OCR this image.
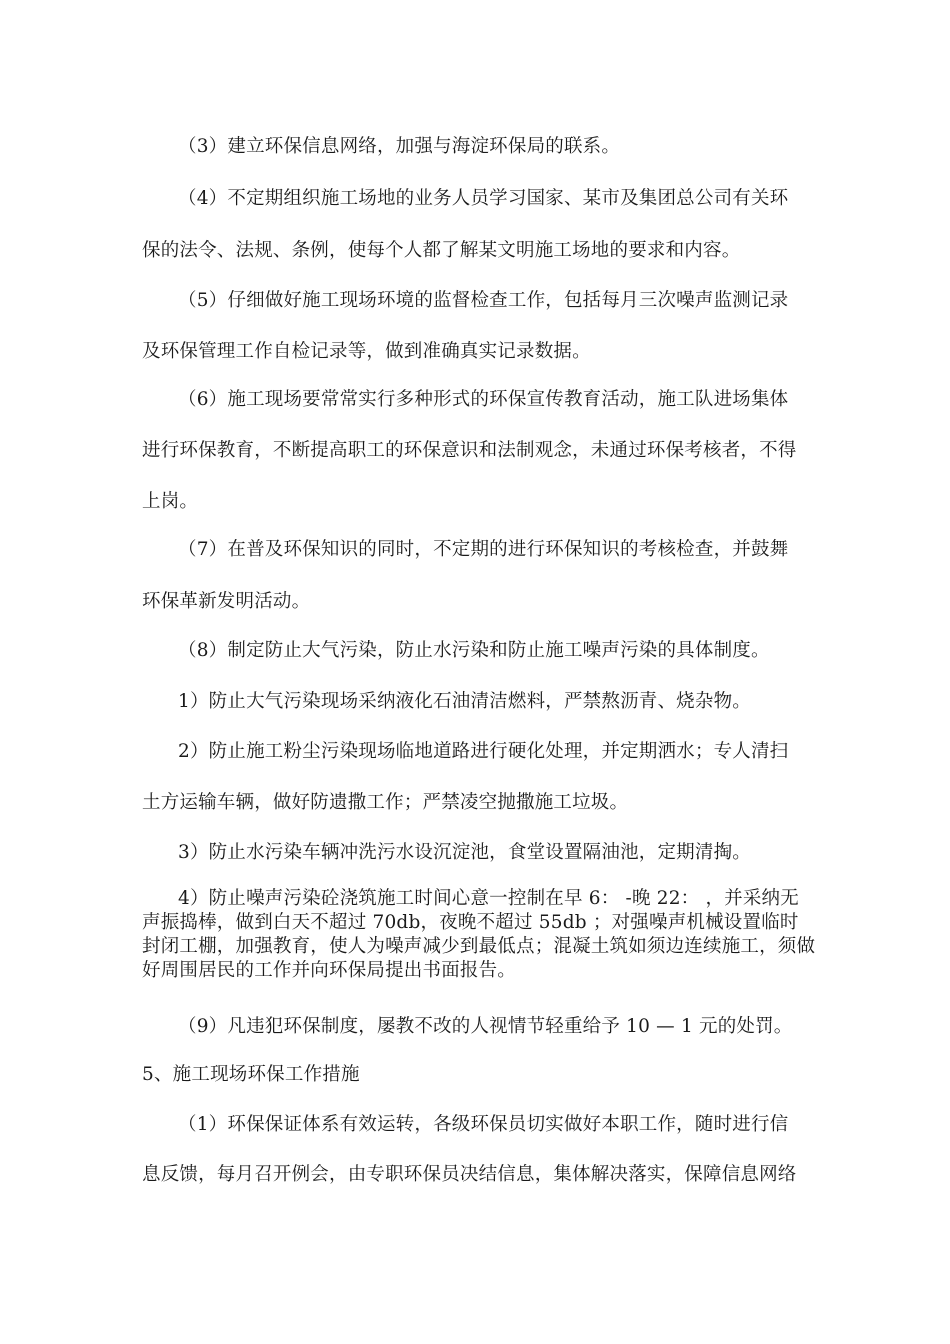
（3）建立环保信息网络，加强与海淀环保局的联系。

（4）不定期组织施工场地的业务人员学习国家、某市及集团总公司有关环

保的法令、法规、条例，使每个人都了解某文明施工场地的要求和内容。

（5）仔细做好施工现场环境的监督检查工作，包括每月三次噪声监测记录

及环保管理工作自检记录等，做到准确真实记录数据。

（6）施工现场要常常实行多种形式的环保宣传教育活动，施工队进场集体

进行环保教育，不断提高职工的环保意识和法制观念，未通过环保考核者，不得

上岗。

（7）在普及环保知识的同时，不定期的进行环保知识的考核检查，并鼓舞

环保革新发明活动。

（8）制定防止大气污染，防止水污染和防止施工噪声污染的具体制度。

1）防止大气污染现场采纳液化石油清洁燃料，严禁熬沥青、烧杂物。

2）防止施工粉尘污染现场临地道路进行硬化处理，并定期洒水；专人清扫

土方运输车辆，做好防遗撒工作；严禁凌空抛撒施工垃圾。

3）防止水污染车辆冲洗污水设沉淀池，食堂设置隔油池，定期清掏。

4）防止噪声污染砼浇筑施工时间心意一控制在早 6： -晚 22： ，并采纳无声振捣棒，做到白天不超过 70db，夜晚不超过 55db ；对强噪声机械设置临时封闭工棚，加强教育，使人为噪声减少到最低点；混凝土筑如须边连续施工，须做好周围居民的工作并向环保局提出书面报告。

（9）凡违犯环保制度，屡教不改的人视情节轻重给予 10 — 1 元的处罚。

5、施工现场环保工作措施

（1）环保保证体系有效运转，各级环保员切实做好本职工作，随时进行信

息反馈，每月召开例会，由专职环保员决结信息，集体解决落实，保障信息网络
